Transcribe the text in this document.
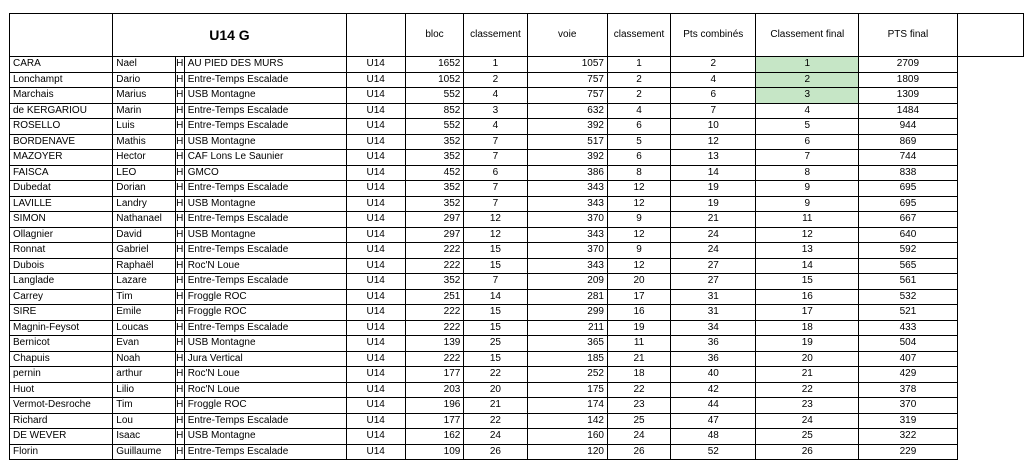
	U14 G				bloc	classement	voie	classement	Pts combinés	Classement final	PTS final	
CARA	Nael	H	AU PIED DES MURS	U14	1652	1	1057	1	2	1	2709	
Lonchampt	Dario	H	Entre-Temps Escalade	U14	1052	2	757	2	4	2	1809	
Marchais	Marius	H	USB Montagne	U14	552	4	757	2	6	3	1309	
de KERGARIOU	Marin	H	Entre-Temps Escalade	U14	852	3	632	4	7	4	1484	
ROSELLO	Luis	H	Entre-Temps Escalade	U14	552	4	392	6	10	5	944	
BORDENAVE	Mathis	H	USB Montagne	U14	352	7	517	5	12	6	869	
MAZOYER	Hector	H	CAF Lons Le Saunier	U14	352	7	392	6	13	7	744	
FAISCA	LEO	H	GMCO	U14	452	6	386	8	14	8	838	
Dubedat	Dorian	H	Entre-Temps Escalade	U14	352	7	343	12	19	9	695	
LAVILLE	Landry	H	USB Montagne	U14	352	7	343	12	19	9	695	
SIMON	Nathanael	H	Entre-Temps Escalade	U14	297	12	370	9	21	11	667	
Ollagnier	David	H	USB Montagne	U14	297	12	343	12	24	12	640	
Ronnat	Gabriel	H	Entre-Temps Escalade	U14	222	15	370	9	24	13	592	
Dubois	Raphaël	H	Roc'N Loue	U14	222	15	343	12	27	14	565	
Langlade	Lazare	H	Entre-Temps Escalade	U14	352	7	209	20	27	15	561	
Carrey	Tim	H	Froggle ROC	U14	251	14	281	17	31	16	532	
SIRE	Emile	H	Froggle ROC	U14	222	15	299	16	31	17	521	
Magnin-Feysot	Loucas	H	Entre-Temps Escalade	U14	222	15	211	19	34	18	433	
Bernicot	Evan	H	USB Montagne	U14	139	25	365	11	36	19	504	
Chapuis	Noah	H	Jura Vertical	U14	222	15	185	21	36	20	407	
pernin	arthur	H	Roc'N Loue	U14	177	22	252	18	40	21	429	
Huot	Lilio	H	Roc'N Loue	U14	203	20	175	22	42	22	378	
Vermot-Desroche	Tim	H	Froggle ROC	U14	196	21	174	23	44	23	370	
Richard	Lou	H	Entre-Temps Escalade	U14	177	22	142	25	47	24	319	
DE WEVER	Isaac	H	USB Montagne	U14	162	24	160	24	48	25	322	
Florin	Guillaume	H	Entre-Temps Escalade	U14	109	26	120	26	52	26	229	
